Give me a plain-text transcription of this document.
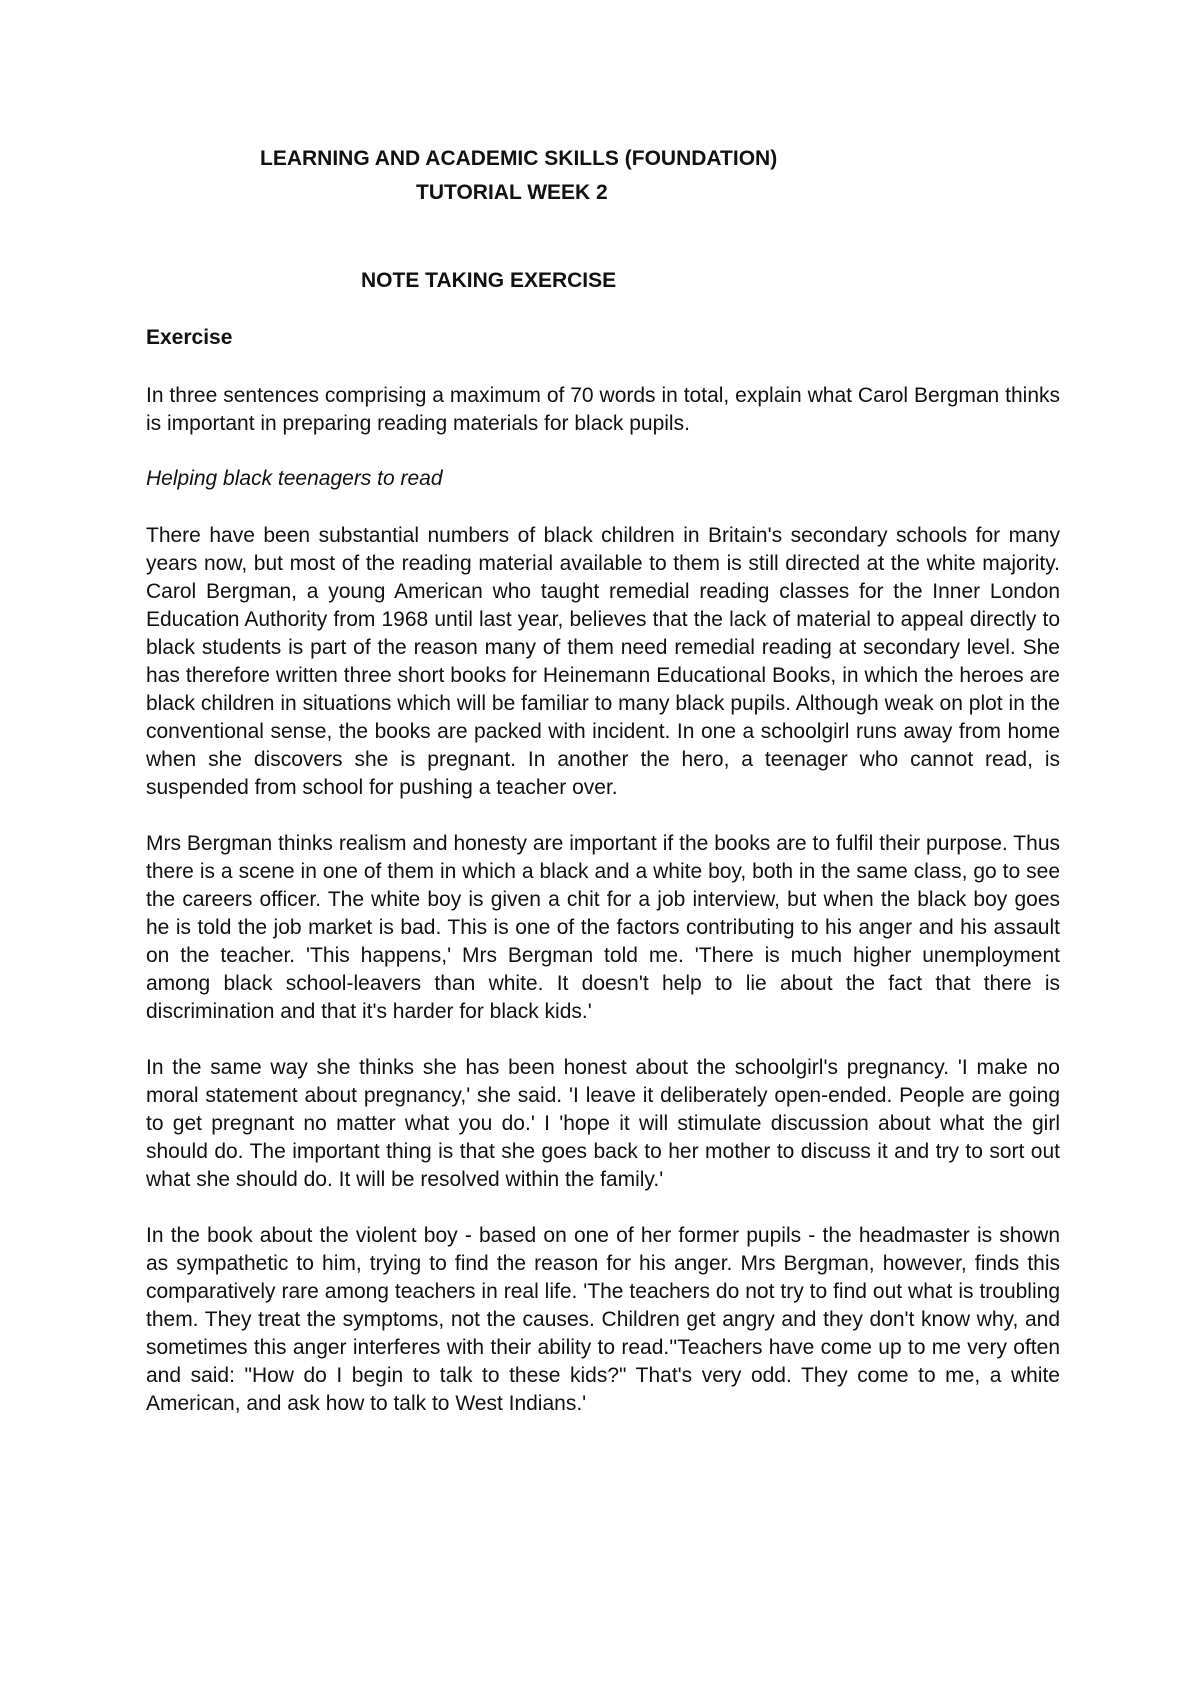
LEARNING AND ACADEMIC SKILLS (FOUNDATION)

TUTORIAL WEEK 2

NOTE TAKING EXERCISE

Exercise

In three sentences comprising a maximum of 70 words in total, explain what Carol Bergman thinks is important in preparing reading materials for black pupils.

Helping black teenagers to read

There have been substantial numbers of black children in Britain's secondary schools for many years now, but most of the reading material available to them is still directed at the white majority. Carol Bergman, a young American who taught remedial reading classes for the Inner London Education Authority from 1968 until last year, believes that the lack of material to appeal directly to black students is part of the reason many of them need remedial reading at secondary level. She has therefore written three short books for Heinemann Educational Books, in which the heroes are black children in situations which will be familiar to many black pupils. Although weak on plot in the conventional sense, the books are packed with incident. In one a schoolgirl runs away from home when she discovers she is pregnant. In another the hero, a teenager who cannot read, is suspended from school for pushing a teacher over.

Mrs Bergman thinks realism and honesty are important if the books are to fulfil their purpose. Thus there is a scene in one of them in which a black and a white boy, both in the same class, go to see the careers officer. The white boy is given a chit for a job interview, but when the black boy goes he is told the job market is bad. This is one of the factors contributing to his anger and his assault on the teacher. 'This happens,' Mrs Bergman told me. 'There is much higher unemployment among black school-leavers than white. It doesn't help to lie about the fact that there is discrimination and that it's harder for black kids.'

In the same way she thinks she has been honest about the schoolgirl's pregnancy. 'I make no moral statement about pregnancy,' she said. 'I leave it deliberately open-ended. People are going to get pregnant no matter what you do.' I 'hope it will stimulate discussion about what the girl should do. The important thing is that she goes back to her mother to discuss it and try to sort out what she should do. It will be resolved within the family.'

In the book about the violent boy - based on one of her former pupils - the headmaster is shown as sympathetic to him, trying to find the reason for his anger. Mrs Bergman, however, finds this comparatively rare among teachers in real life. 'The teachers do not try to find out what is troubling them. They treat the symptoms, not the causes. Children get angry and they don't know why, and sometimes this anger interferes with their ability to read.''Teachers have come up to me very often and said: "How do I begin to talk to these kids?" That's very odd. They come to me, a white American, and ask how to talk to West Indians.'
